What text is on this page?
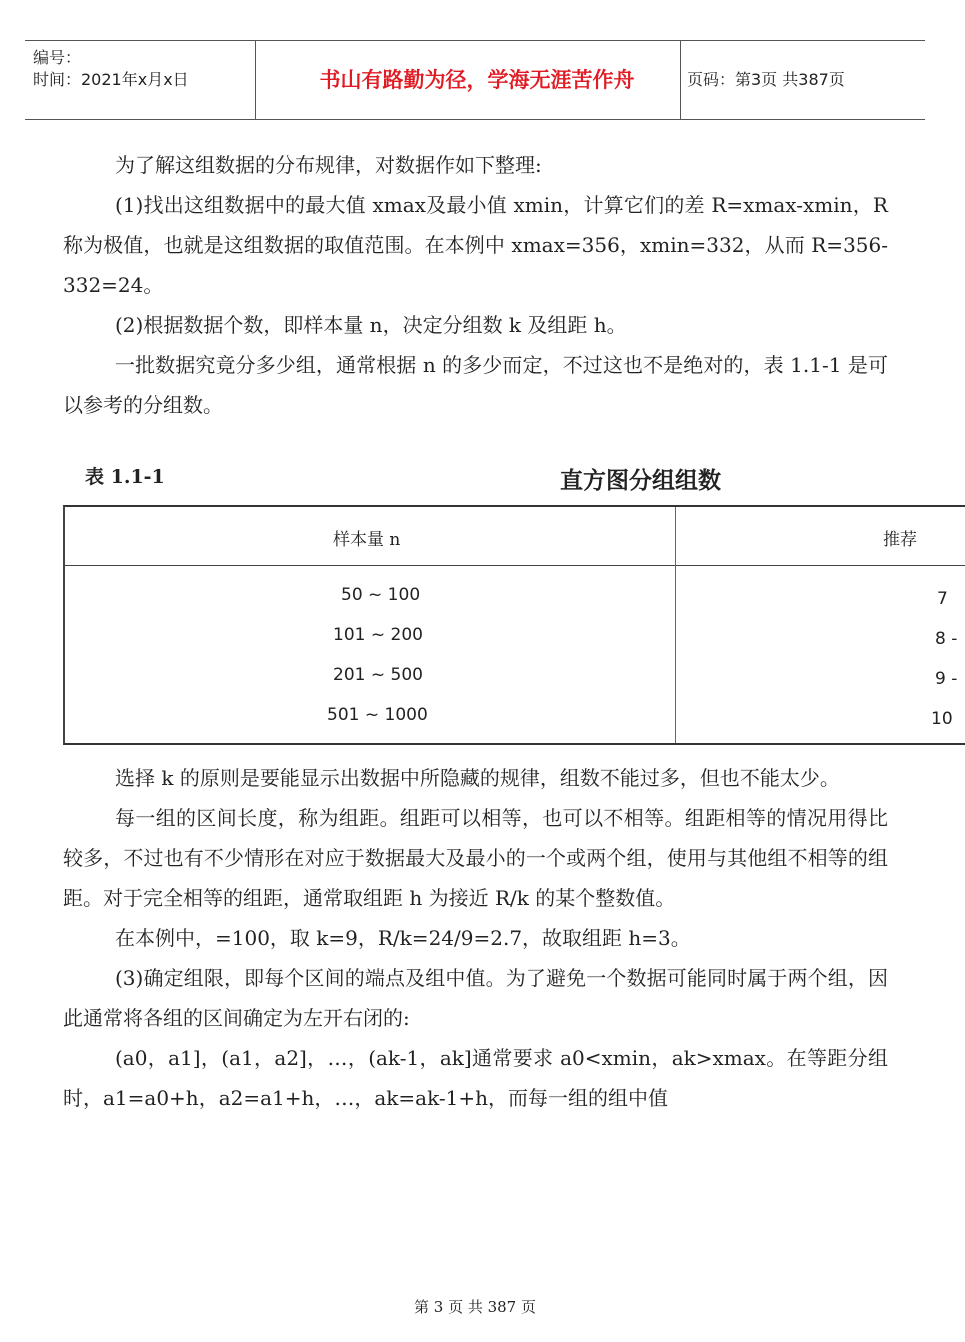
编号：
时间：2021年x月x日	书山有路勤为径，学海无涯苦作舟	页码：第3页 共387页

为了解这组数据的分布规律，对数据作如下整理:

(1)找出这组数据中的最大值 xmax及最小值 xmin，计算它们的差 R=xmax-xmin，R 称为极值，也就是这组数据的取值范围。在本例中 xmax=356，xmin=332，从而 R=356-332=24。

(2)根据数据个数，即样本量 n，决定分组数 k 及组距 h。

一批数据究竟分多少组，通常根据 n 的多少而定，不过这也不是绝对的，表 1.1-1 是可以参考的分组数。

表 1.1-1	直方图分组组数
样本量 n	推荐
50 ~ 100	7
101 ~ 200	8 -
201 ~ 500	9 -
501 ~ 1000	10

选择 k 的原则是要能显示出数据中所隐藏的规律，组数不能过多，但也不能太少。

每一组的区间长度，称为组距。组距可以相等，也可以不相等。组距相等的情况用得比较多，不过也有不少情形在对应于数据最大及最小的一个或两个组，使用与其他组不相等的组距。对于完全相等的组距，通常取组距 h 为接近 R/k 的某个整数值。

在本例中，=100，取 k=9，R/k=24/9=2.7，故取组距 h=3。

(3)确定组限，即每个区间的端点及组中值。为了避免一个数据可能同时属于两个组，因此通常将各组的区间确定为左开右闭的:

(a0，a1]，(a1，a2]，…，(ak-1，ak]通常要求 a0<xmin，ak>xmax。在等距分组时，a1=a0+h，a2=a1+h，…，ak=ak-1+h，而每一组的组中值

第 3 页 共 387 页
